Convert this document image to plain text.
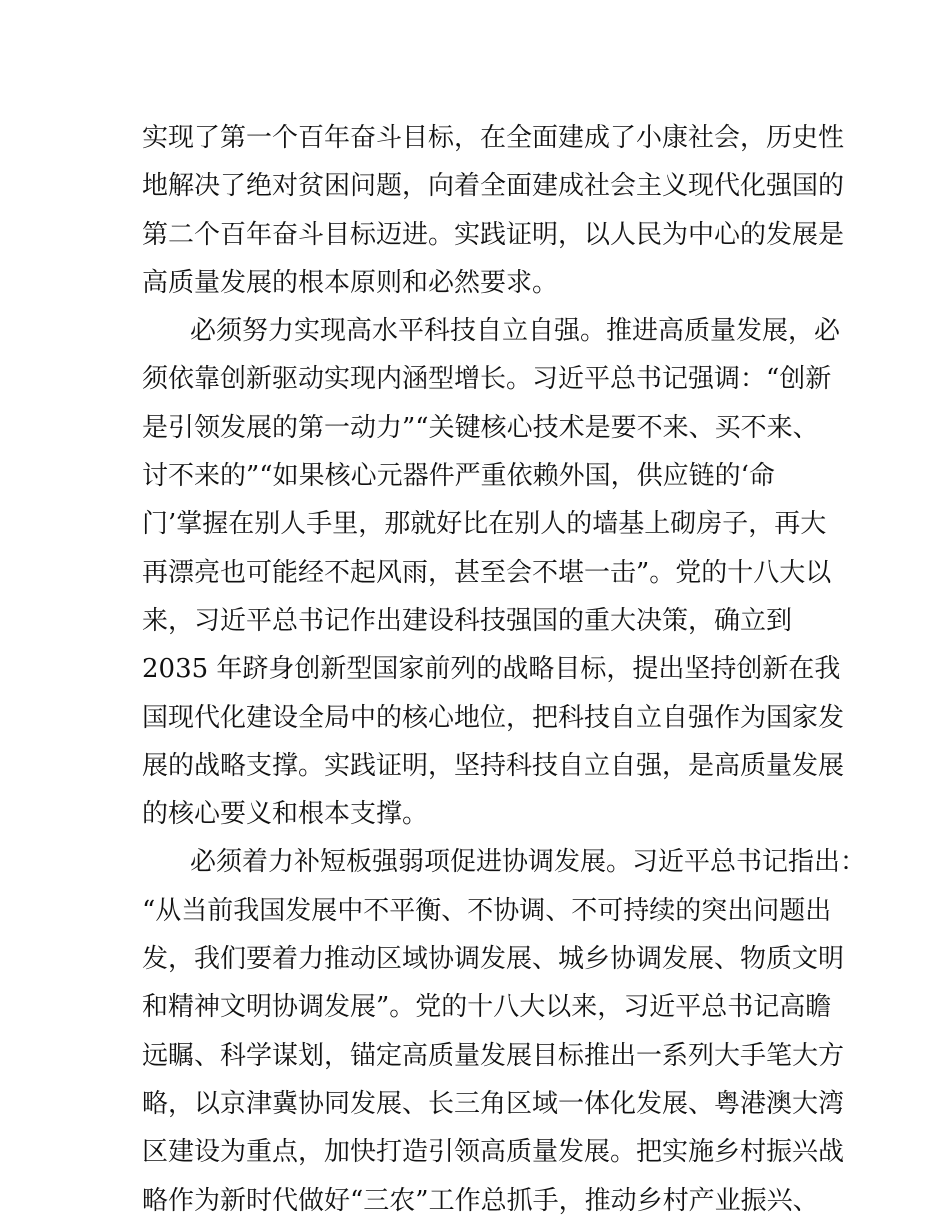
实现了第一个百年奋斗目标，在全面建成了小康社会，历史性
地解决了绝对贫困问题，向着全面建成社会主义现代化强国的
第二个百年奋斗目标迈进。实践证明，以人民为中心的发展是
高质量发展的根本原则和必然要求。
必须努力实现高水平科技自立自强。推进高质量发展，必
须依靠创新驱动实现内涵型增长。习近平总书记强调：“创新
是引领发展的第一动力”“关键核心技术是要不来、买不来、
讨不来的”“如果核心元器件严重依赖外国，供应链的‘命
门’掌握在别人手里，那就好比在别人的墙基上砌房子，再大
再漂亮也可能经不起风雨，甚至会不堪一击”。党的十八大以
来，习近平总书记作出建设科技强国的重大决策，确立到
2035 年跻身创新型国家前列的战略目标，提出坚持创新在我
国现代化建设全局中的核心地位，把科技自立自强作为国家发
展的战略支撑。实践证明，坚持科技自立自强，是高质量发展
的核心要义和根本支撑。
必须着力补短板强弱项促进协调发展。习近平总书记指出：
“从当前我国发展中不平衡、不协调、不可持续的突出问题出
发，我们要着力推动区域协调发展、城乡协调发展、物质文明
和精神文明协调发展”。党的十八大以来，习近平总书记高瞻
远瞩、科学谋划，锚定高质量发展目标推出一系列大手笔大方
略，以京津冀协同发展、长三角区域一体化发展、粤港澳大湾
区建设为重点，加快打造引领高质量发展。把实施乡村振兴战
略作为新时代做好“三农”工作总抓手，推动乡村产业振兴、
